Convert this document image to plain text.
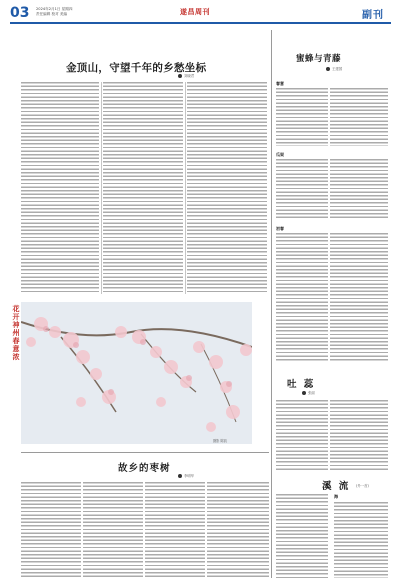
03 2024年2月1日 星期四
责任编辑 校对 美编	遂昌周刊	副刊
金顶山，守望千年的乡愁坐标
刘晓君
蜜蜂与青藤
王建国
春意
瓜架
初春
花开神州春意浓
摄影 陈凯
吐 蕊
张丽
故乡的枣树
李明华
溪 流 (外一首)
海
